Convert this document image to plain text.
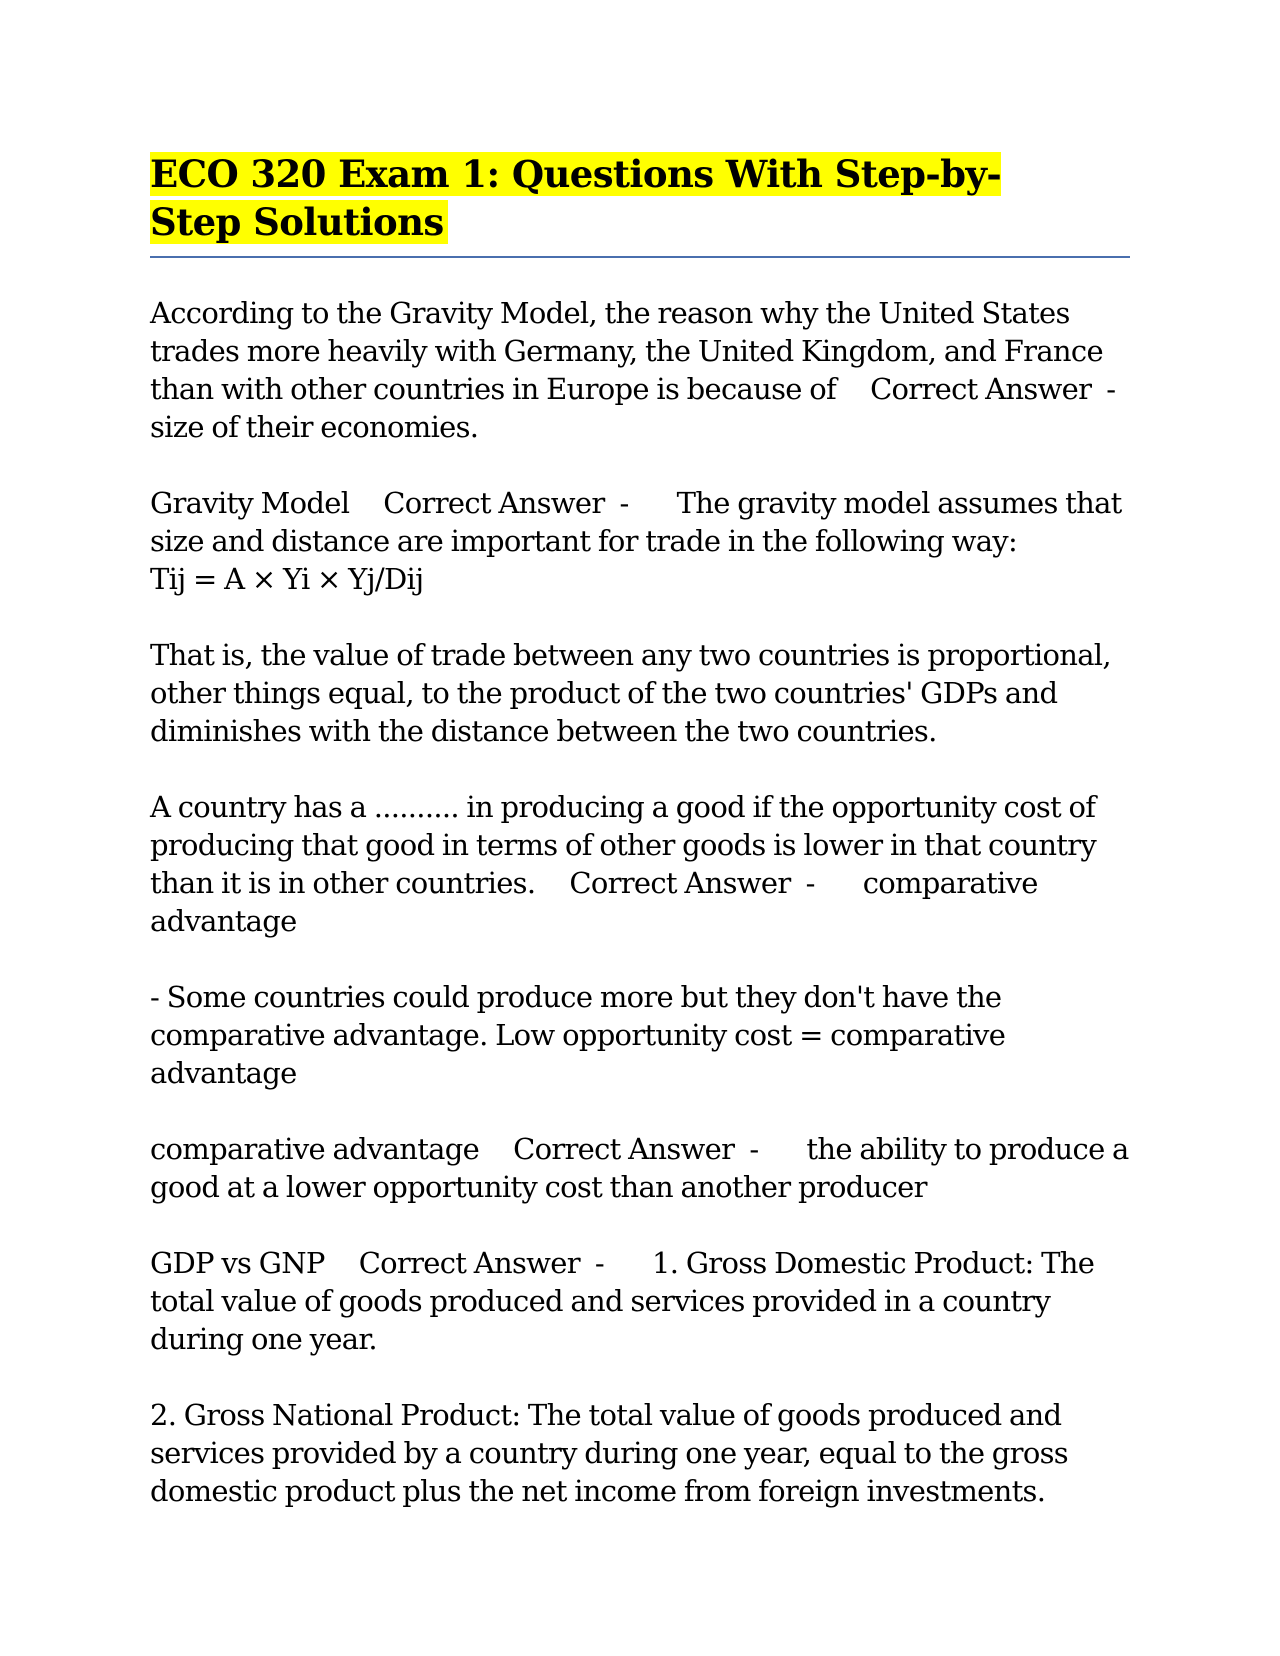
ECO 320 Exam 1: Questions With Step-by-Step Solutions

According to the Gravity Model, the reason why the United States trades more heavily with Germany, the United Kingdom, and France than with other countries in Europe is because of Correct Answer  -
size of their economies.

Gravity Model Correct Answer  - The gravity model assumes that size and distance are important for trade in the following way:
Tij = A × Yi × Yj/Dij

That is, the value of trade between any two countries is proportional, other things equal, to the product of the two countries' GDPs and diminishes with the distance between the two countries.

A country has a .......... in producing a good if the opportunity cost of producing that good in terms of other goods is lower in that country than it is in other countries. Correct Answer  - comparative advantage

- Some countries could produce more but they don't have the comparative advantage. Low opportunity cost = comparative advantage

comparative advantage Correct Answer  - the ability to produce a good at a lower opportunity cost than another producer

GDP vs GNP Correct Answer  - 1. Gross Domestic Product: The total value of goods produced and services provided in a country during one year.

2. Gross National Product: The total value of goods produced and services provided by a country during one year, equal to the gross domestic product plus the net income from foreign investments.
